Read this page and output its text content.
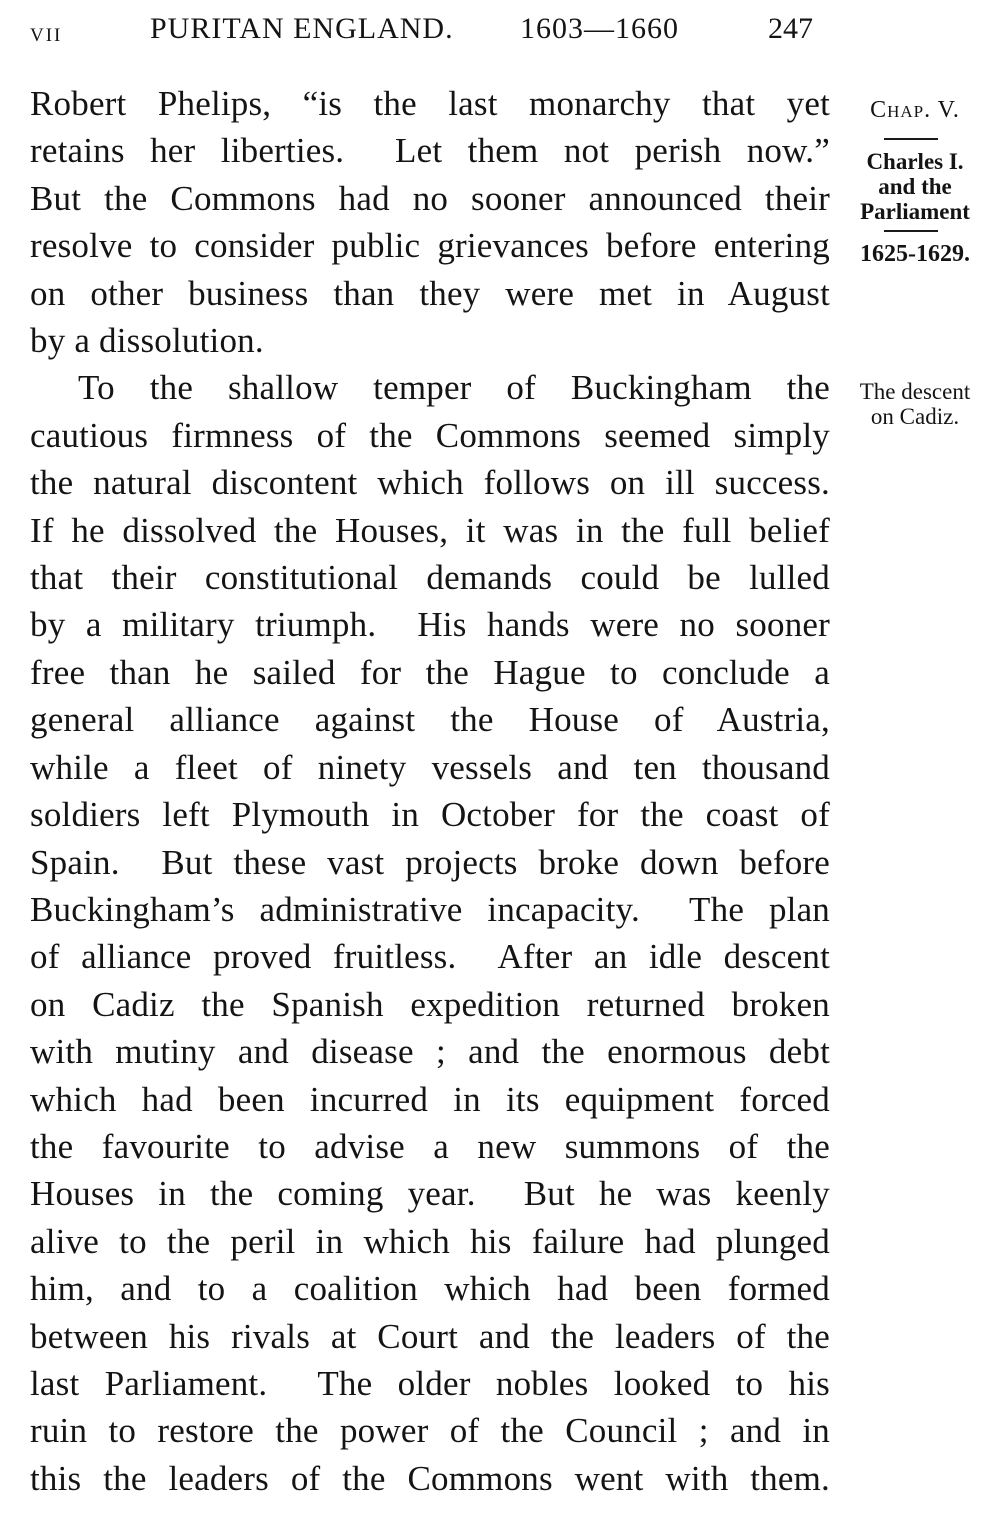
vii	PURITAN ENGLAND. 1603—1660	247
Robert Phelips, “is the last monarchy that yet
retains her liberties.  Let them not perish now.”
But the Commons had no sooner announced their
resolve to consider public grievances before entering
on other business than they were met in August
by a dissolution.
To the shallow temper of Buckingham the
cautious firmness of the Commons seemed simply
the natural discontent which follows on ill success.
If he dissolved the Houses, it was in the full belief
that their constitutional demands could be lulled
by a military triumph.  His hands were no sooner
free than he sailed for the Hague to conclude a
general alliance against the House of Austria,
while a fleet of ninety vessels and ten thousand
soldiers left Plymouth in October for the coast of
Spain.  But these vast projects broke down before
Buckingham’s administrative incapacity.  The plan
of alliance proved fruitless.  After an idle descent
on Cadiz the Spanish expedition returned broken
with mutiny and disease ; and the enormous debt
which had been incurred in its equipment forced
the favourite to advise a new summons of the
Houses in the coming year.  But he was keenly
alive to the peril in which his failure had plunged
him, and to a coalition which had been formed
between his rivals at Court and the leaders of the
last Parliament.  The older nobles looked to his
ruin to restore the power of the Council ; and in
this the leaders of the Commons went with them.
Chap. V.
Charles I.
and the
Parliament
1625-1629.
The descent
on Cadiz.
